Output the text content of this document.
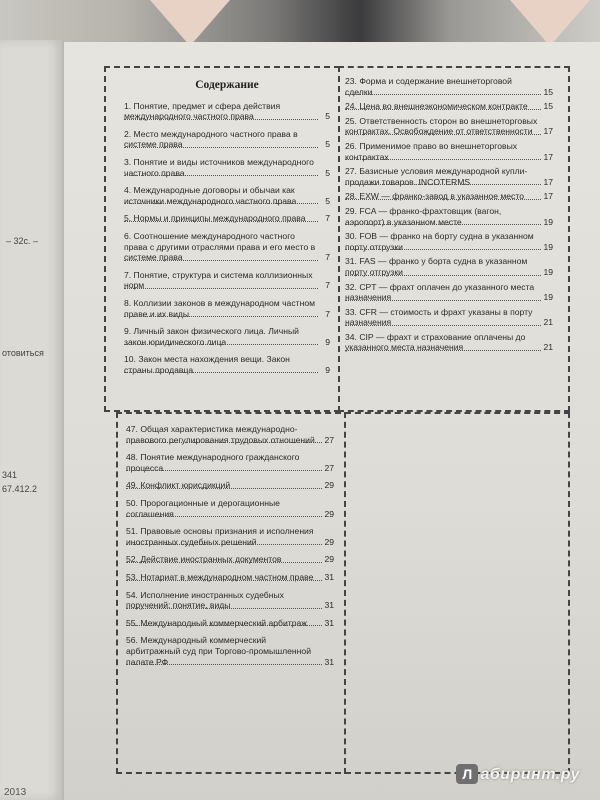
– 32с. –
отовиться
341
67.412.2
2013
Содержание
1. Понятие, предмет и сфера действия международного частного права	5
2. Место международного частного права в системе права	5
3. Понятие и виды источников международного частного права	5
4. Международные договоры и обычаи как источники международного частного права	5
5. Нормы и принципы международного права	7
6. Соотношение международного частного права с другими отраслями права и его место в системе права	7
7. Понятие, структура и система коллизионных норм	7
8. Коллизии законов в международном частном праве и их виды	7
9. Личный закон физического лица. Личный закон юридического лица	9
10. Закон места нахождения вещи. Закон страны продавца	9
23. Форма и содержание внешнеторговой сделки	15
24. Цена во внешнеэкономическом контракте	15
25. Ответственность сторон во внешнеторговых контрактах. Освобождение от ответственности	17
26. Применимое право во внешнеторговых контрактах	17
27. Базисные условия международной купли-продажи товаров. INCOTERMS	17
28. EXW — франко-завод в указанное место	17
29. FCA — франко-фрахтовщик (вагон, аэропорт) в указанном месте	19
30. FOB — франко на борту судна в указанном порту отгрузки	19
31. FAS — франко у борта судна в указанном порту отгрузки	19
32. CPT — фрахт оплачен до указанного места назначения	19
33. CFR — стоимость и фрахт указаны в порту назначения	21
34. CIP — фрахт и страхование оплачены до указанного места назначения	21
47. Общая характеристика международно-правового регулирования трудовых отношений	27
48. Понятие международного гражданского процесса	27
49. Конфликт юрисдикций	29
50. Пророгационные и дерогационные соглашения	29
51. Правовые основы признания и исполнения иностранных судебных решений	29
52. Действие иностранных документов	29
53. Нотариат в международном частном праве	31
54. Исполнение иностранных судебных поручений: понятие, виды	31
55. Международный коммерческий арбитраж	31
56. Международный коммерческий арбитражный суд при Торгово-промышленной палате РФ	31
Л абиринт.ру
